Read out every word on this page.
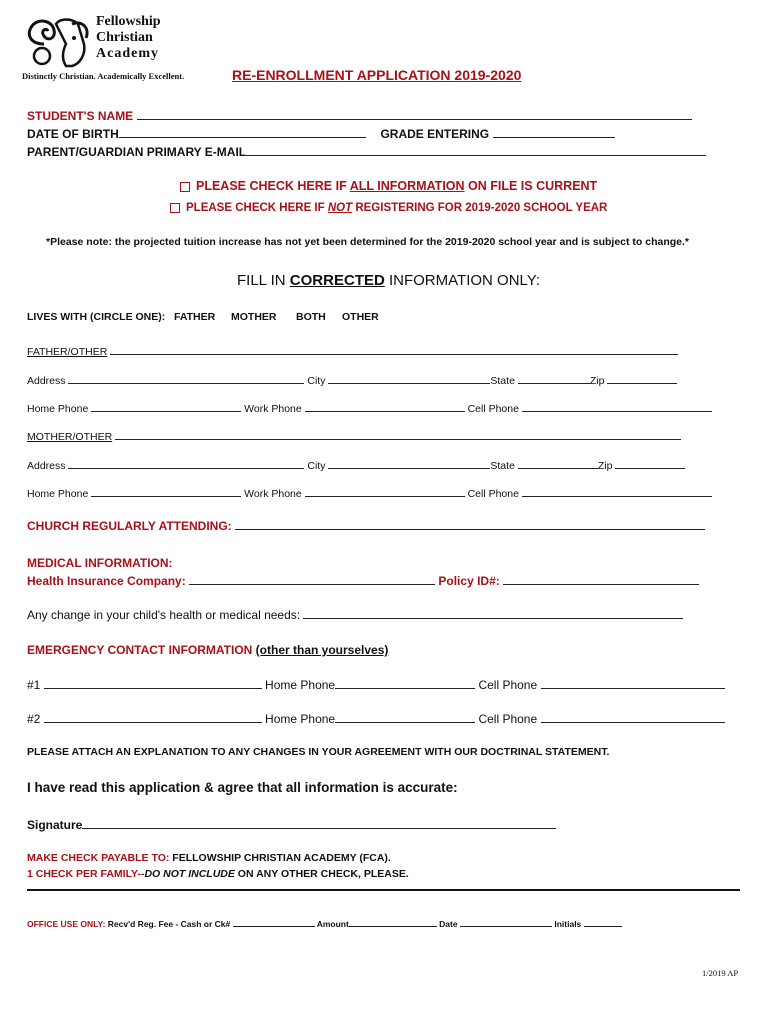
Fellowship
Christian
Academy
Distinctly Christian. Academically Excellent.	RE-ENROLLMENT APPLICATION 2019-2020
STUDENT'S NAME
DATE OF BIRTH	GRADE ENTERING
PARENT/GUARDIAN PRIMARY E-MAIL
PLEASE CHECK HERE IF ALL INFORMATION ON FILE IS CURRENT
PLEASE CHECK HERE IF NOT REGISTERING FOR 2019-2020 SCHOOL YEAR
*Please note: the projected tuition increase has not yet been determined for the 2019-2020 school year and is subject to change.*
FILL IN CORRECTED INFORMATION ONLY:
LIVES WITH (CIRCLE ONE): FATHER MOTHER BOTH OTHER
FATHER/OTHER
Address	City	State	Zip
Home Phone	Work Phone	Cell Phone
MOTHER/OTHER
Address	City	State	Zip
Home Phone	Work Phone	Cell Phone
CHURCH REGULARLY ATTENDING:
MEDICAL INFORMATION:
Health Insurance Company:	Policy ID#:
Any change in your child's health or medical needs:
EMERGENCY CONTACT INFORMATION (other than yourselves)
#1	Home Phone	Cell Phone
#2	Home Phone	Cell Phone
PLEASE ATTACH AN EXPLANATION TO ANY CHANGES IN YOUR AGREEMENT WITH OUR DOCTRINAL STATEMENT.
I have read this application & agree that all information is accurate:
Signature
MAKE CHECK PAYABLE TO: FELLOWSHIP CHRISTIAN ACADEMY (FCA).
1 CHECK PER FAMILY--DO NOT INCLUDE ON ANY OTHER CHECK, PLEASE.
OFFICE USE ONLY: Recv'd Reg. Fee - Cash or Ck#	Amount	Date	Initials
1/2019 AP
